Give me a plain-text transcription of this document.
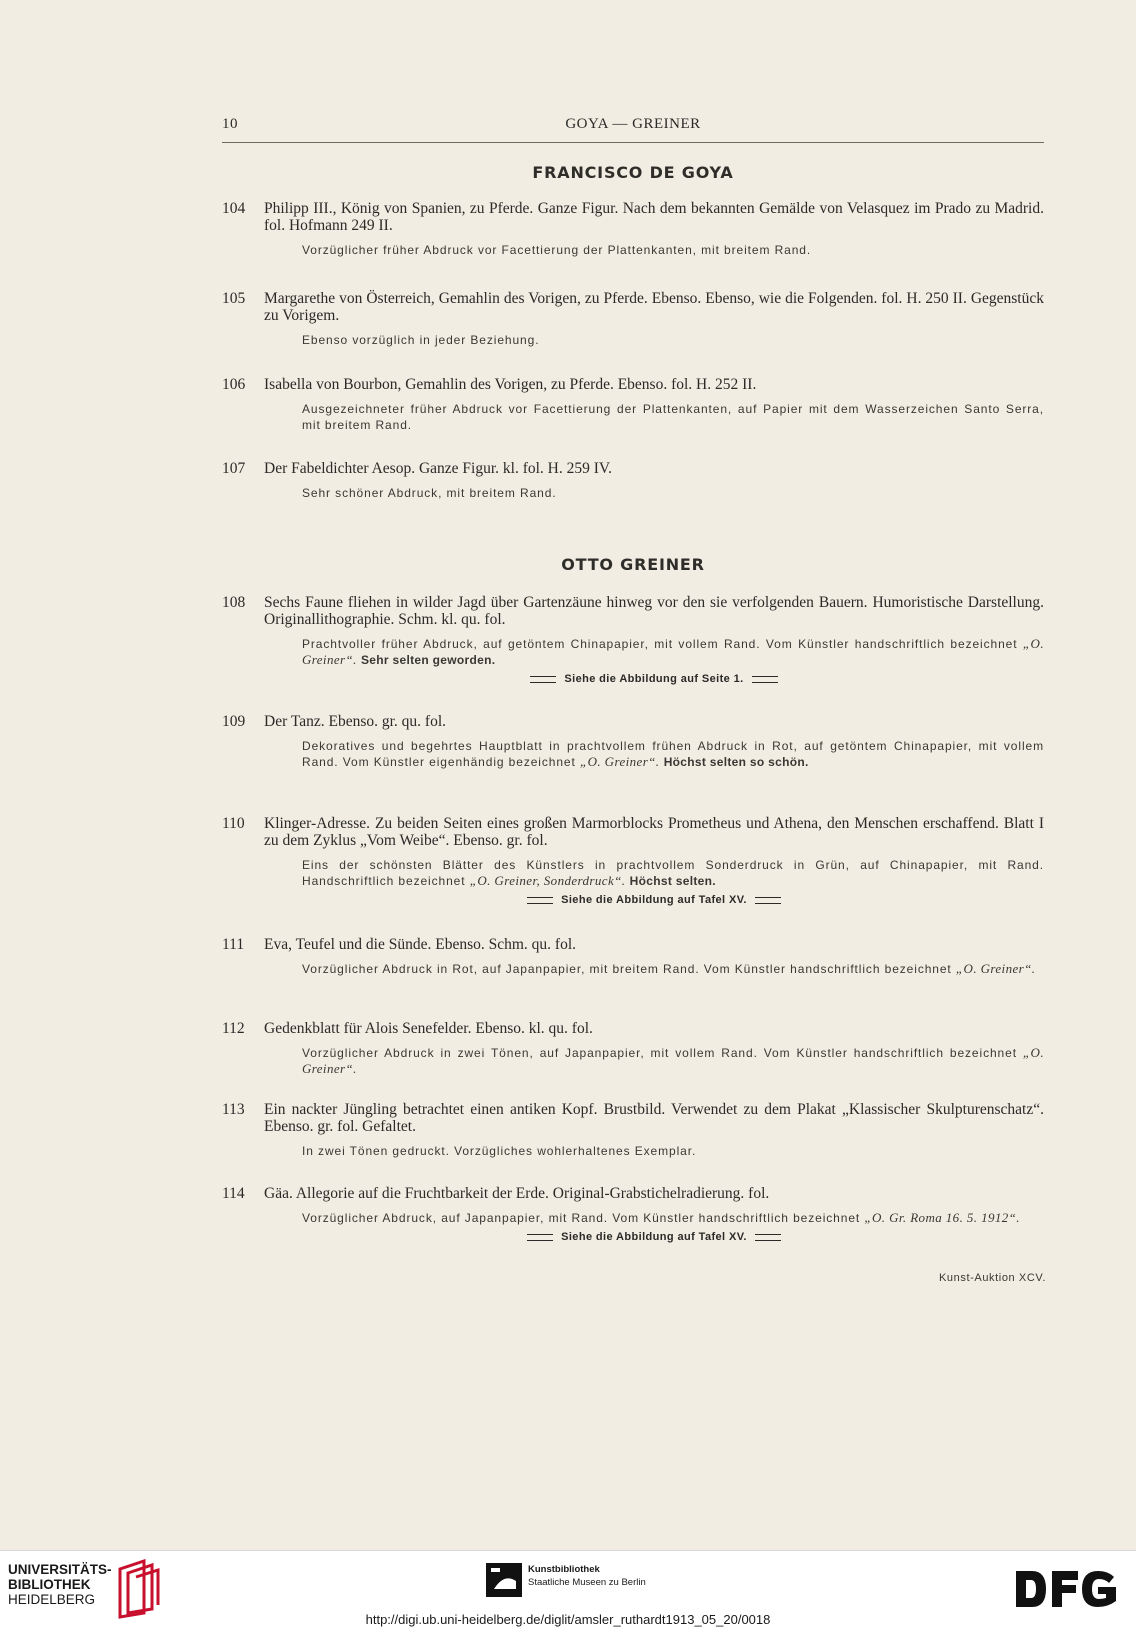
10	GOYA — GREINER
FRANCISCO DE GOYA
104 Philipp III., König von Spanien, zu Pferde. Ganze Figur. Nach dem bekannten Gemälde von Velasquez im Prado zu Madrid. fol. Hofmann 249 II.
Vorzüglicher früher Abdruck vor Facettierung der Plattenkanten, mit breitem Rand.
105 Margarethe von Österreich, Gemahlin des Vorigen, zu Pferde. Ebenso. Ebenso, wie die Folgenden. fol. H. 250 II. Gegenstück zu Vorigem.
Ebenso vorzüglich in jeder Beziehung.
106 Isabella von Bourbon, Gemahlin des Vorigen, zu Pferde. Ebenso. fol. H. 252 II.
Ausgezeichneter früher Abdruck vor Facettierung der Plattenkanten, auf Papier mit dem Wasserzeichen Santo Serra, mit breitem Rand.
107 Der Fabeldichter Aesop. Ganze Figur. kl. fol. H. 259 IV.
Sehr schöner Abdruck, mit breitem Rand.
OTTO GREINER
108 Sechs Faune fliehen in wilder Jagd über Gartenzäune hinweg vor den sie verfolgenden Bauern. Humoristische Darstellung. Originallithographie. Schm. kl. qu. fol.
Prachtvoller früher Abdruck, auf getöntem Chinapapier, mit vollem Rand. Vom Künstler handschriftlich bezeichnet „O. Greiner“. Sehr selten geworden.
Siehe die Abbildung auf Seite 1.
109 Der Tanz. Ebenso. gr. qu. fol.
Dekoratives und begehrtes Hauptblatt in prachtvollem frühen Abdruck in Rot, auf getöntem Chinapapier, mit vollem Rand. Vom Künstler eigenhändig bezeichnet „O. Greiner“. Höchst selten so schön.
110 Klinger-Adresse. Zu beiden Seiten eines großen Marmorblocks Prometheus und Athena, den Menschen erschaffend. Blatt I zu dem Zyklus „Vom Weibe“. Ebenso. gr. fol.
Eins der schönsten Blätter des Künstlers in prachtvollem Sonderdruck in Grün, auf Chinapapier, mit Rand. Handschriftlich bezeichnet „O. Greiner, Sonderdruck“. Höchst selten.
Siehe die Abbildung auf Tafel XV.
111 Eva, Teufel und die Sünde. Ebenso. Schm. qu. fol.
Vorzüglicher Abdruck in Rot, auf Japanpapier, mit breitem Rand. Vom Künstler handschriftlich bezeichnet „O. Greiner“.
112 Gedenkblatt für Alois Senefelder. Ebenso. kl. qu. fol.
Vorzüglicher Abdruck in zwei Tönen, auf Japanpapier, mit vollem Rand. Vom Künstler handschriftlich bezeichnet „O. Greiner“.
113 Ein nackter Jüngling betrachtet einen antiken Kopf. Brustbild. Verwendet zu dem Plakat „Klassischer Skulpturenschatz“. Ebenso. gr. fol. Gefaltet.
In zwei Tönen gedruckt. Vorzügliches wohlerhaltenes Exemplar.
114 Gäa. Allegorie auf die Fruchtbarkeit der Erde. Original-Grabstichelradierung. fol.
Vorzüglicher Abdruck, auf Japanpapier, mit Rand. Vom Künstler handschriftlich bezeichnet „O. Gr. Roma 16. 5. 1912“.
Siehe die Abbildung auf Tafel XV.
Kunst-Auktion XCV.
UNIVERSITÄTS-
BIBLIOTHEK
HEIDELBERG
Kunstbibliothek
Staatliche Museen zu Berlin
http://digi.ub.uni-heidelberg.de/diglit/amsler_ruthardt1913_05_20/0018
